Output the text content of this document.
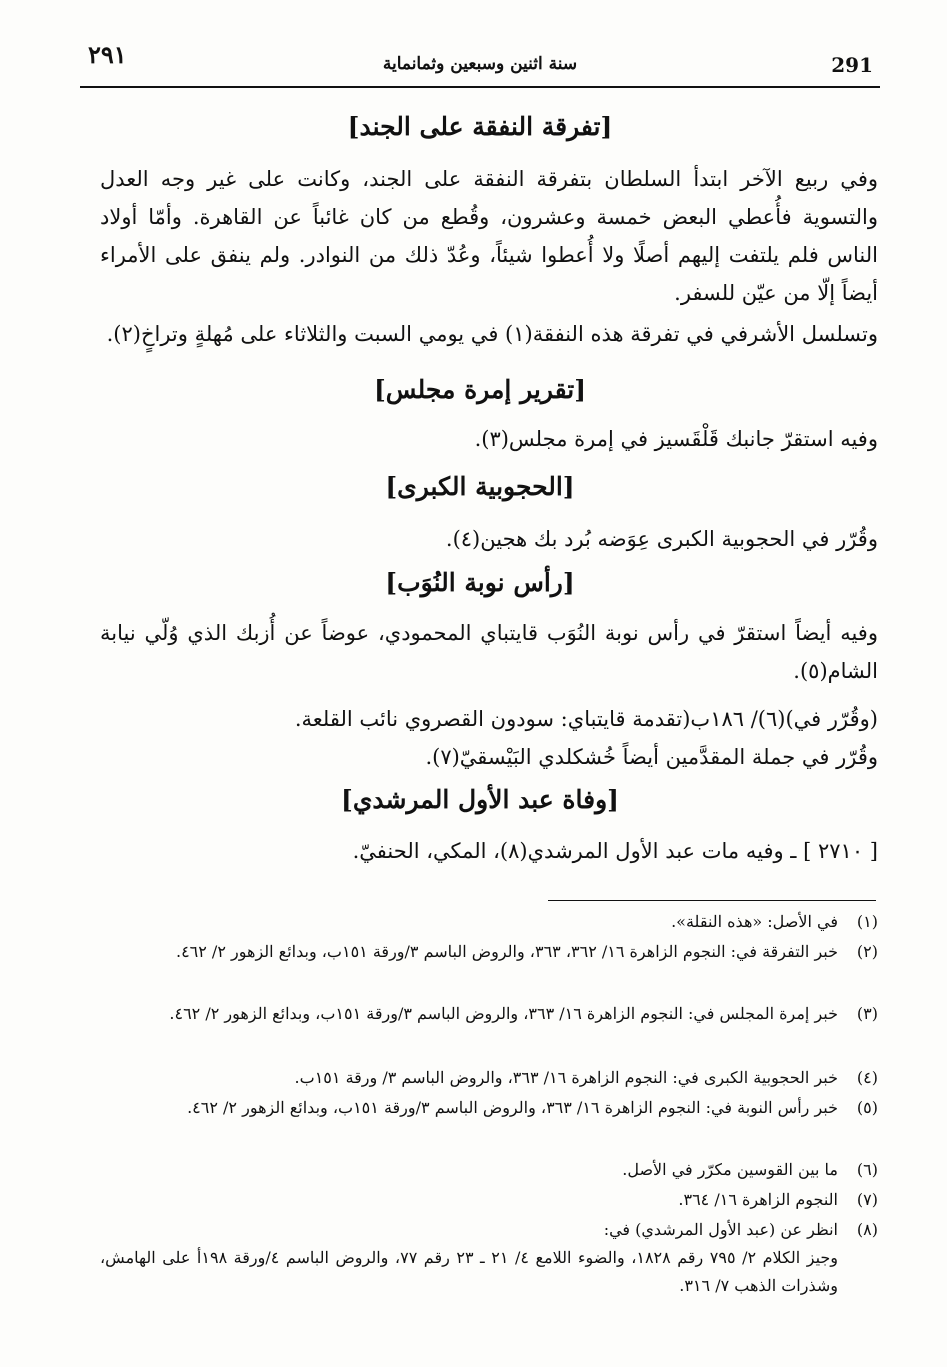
٢٩١	سنة اثنين وسبعين وثمانماية	291
[تفرقة النفقة على الجند]
وفي ربيع الآخر ابتدأ السلطان بتفرقة النفقة على الجند، وكانت على غير وجه العدل والتسوية فأُعطي البعض خمسة وعشرون، وقُطع من كان غائباً عن القاهرة. وأمّا أولاد الناس فلم يلتفت إليهم أصلًا ولا أُعطوا شيئاً، وعُدّ ذلك من النوادر. ولم ينفق على الأمراء أيضاً إلّا من عيّن للسفر.
وتسلسل الأشرفي في تفرقة هذه النفقة(١) في يومي السبت والثلاثاء على مُهلةٍ وتراخٍ(٢).
[تقرير إمرة مجلس]
وفيه استقرّ جانبك قَلْقَسيز في إمرة مجلس(٣).
[الحجوبية الكبرى]
وقُرّر في الحجوبية الكبرى عِوَضه بُرد بك هجين(٤).
[رأس نوبة النُوَب]
وفيه أيضاً استقرّ في رأس نوبة النُوَب قايتباي المحمودي، عوضاً عن أُزبك الذي وُلّي نيابة الشام(٥).
(وقُرّر في)(٦)/ ١٨٦ب(تقدمة قايتباي: سودون القصروي نائب القلعة.
وقُرّر في جملة المقدَّمين أيضاً خُشكلدي البَيْسقيّ(٧).
[وفاة عبد الأول المرشدي]
[ ٢٧١٠ ] ـ وفيه مات عبد الأول المرشدي(٨)، المكي، الحنفيّ.
(١)
في الأصل: «هذه النقلة».
(٢)
خبر التفرقة في: النجوم الزاهرة ١٦/ ٣٦٢، ٣٦٣، والروض الباسم ٣/ورقة ١٥١ب، وبدائع الزهور ٢/ ٤٦٢.
(٣)
خبر إمرة المجلس في: النجوم الزاهرة ١٦/ ٣٦٣، والروض الباسم ٣/ورقة ١٥١ب، وبدائع الزهور ٢/ ٤٦٢.
(٤)
خبر الحجوبية الكبرى في: النجوم الزاهرة ١٦/ ٣٦٣، والروض الباسم ٣/ ورقة ١٥١ب.
(٥)
خبر رأس النوبة في: النجوم الزاهرة ١٦/ ٣٦٣، والروض الباسم ٣/ورقة ١٥١ب، وبدائع الزهور ٢/ ٤٦٢.
(٦)
ما بين القوسين مكرّر في الأصل.
(٧)
النجوم الزاهرة ١٦/ ٣٦٤.
(٨)
انظر عن (عبد الأول المرشدي) في:
وجيز الكلام ٢/ ٧٩٥ رقم ١٨٢٨، والضوء اللامع ٤/ ٢١ ـ ٢٣ رقم ٧٧، والروض الباسم ٤/ورقة ١٩٨أ على الهامش، وشذرات الذهب ٧/ ٣١٦.
